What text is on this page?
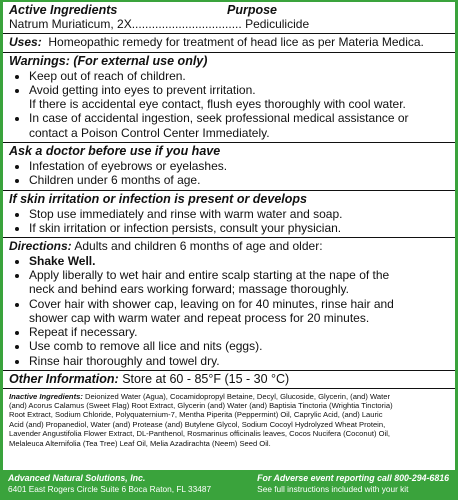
Active Ingredients	Purpose
Natrum Muriaticum, 2X .................................
Pediculicide
Uses: Homeopathic remedy for treatment of head lice as per Materia Medica.
Warnings: (For external use only)
• Keep out of reach of children.
• Avoid getting into eyes to prevent irritation.
If there is accidental eye contact, flush eyes thoroughly with cool water.
• In case of accidental ingestion, seek professional medical assistance or
contact a Poison Control Center Immediately.
Ask a doctor before use if you have
• Infestation of eyebrows or eyelashes.
• Children under 6 months of age.
If skin irritation or infection is present or develops
• Stop use immediately and rinse with warm water and soap.
• If skin irritation or infection persists, consult your physician.
Directions: Adults and children 6 months of age and older:
• Shake Well.
• Apply liberally to wet hair and entire scalp starting at the nape of the
neck and behind ears working forward; massage thoroughly.
• Cover hair with shower cap, leaving on for 40 minutes, rinse hair and
shower cap with warm water and repeat process for 20 minutes.
• Repeat if necessary.
• Use comb to remove all lice and nits (eggs).
• Rinse hair thoroughly and towel dry.
Other Information: Store at 60 - 85°F (15 - 30 °C)
Inactive Ingredients: Deionized Water (Agua), Cocamidopropyl Betaine, Decyl, Glucoside, Glycerin, (and) Water
(and) Acorus Calamus (Sweet Flag) Root Extract, Glycerin (and) Water (and) Baptisia Tinctoria (Wrightia Tinctoria)
Root Extract, Sodium Chloride, Polyquaternium-7, Mentha Piperita (Peppermint) Oil, Caprylic Acid, (and) Lauric
Acid (and) Propanediol, Water (and) Protease (and) Butylene Glycol, Sodium Cocoyl Hydrolyzed Wheat Protein,
Lavender Angustifolia Flower Extract, DL-Panthenol, Rosmarinus officinalis leaves, Cocos Nucifera (Coconut) Oil,
Melaleuca Alternifolia (Tea Tree) Leaf Oil, Melia Azadirachta (Neem) Seed Oil.
Advanced Natural Solutions, Inc.
6401 East Rogers Circle Suite 6 Boca Raton, FL 33487
For Adverse event reporting call 800-294-6816
See full instructions included with your kit
